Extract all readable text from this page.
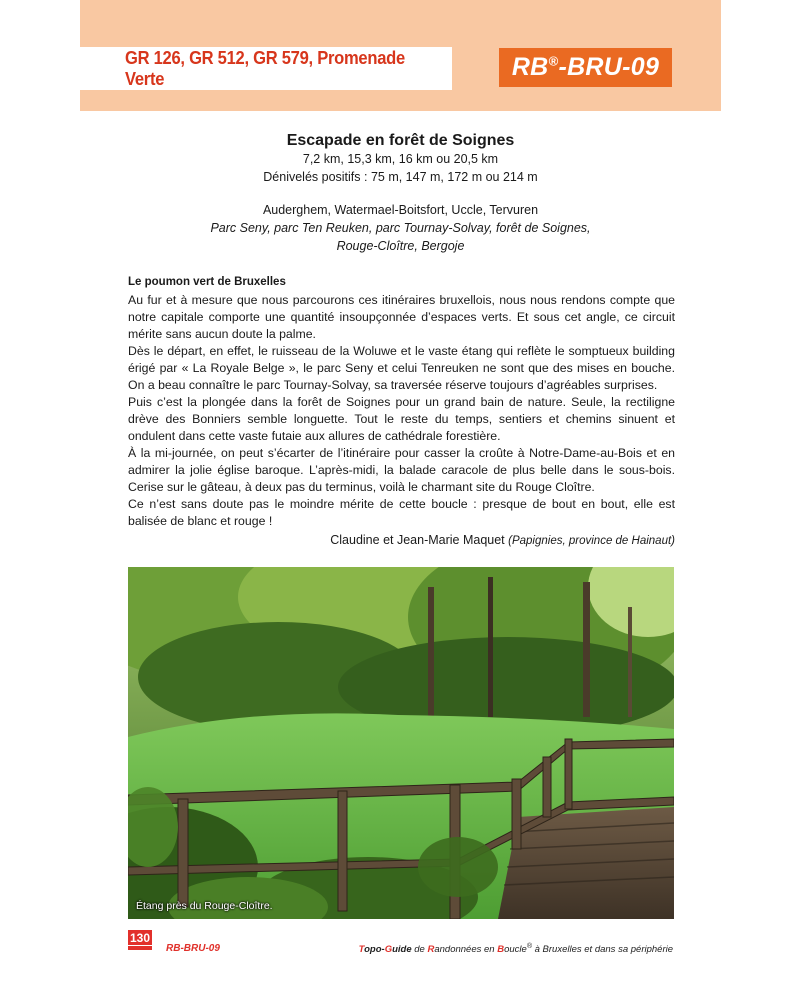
GR 126, GR 512, GR 579, Promenade Verte	RB®-BRU-09
Escapade en forêt de Soignes
7,2 km, 15,3 km, 16 km ou 20,5 km
Dénivelés positifs : 75 m, 147 m, 172 m ou 214 m
Auderghem, Watermael-Boitsfort, Uccle, Tervuren
Parc Seny, parc Ten Reuken, parc Tournay-Solvay, forêt de Soignes,
Rouge-Cloître, Bergoje
Le poumon vert de Bruxelles

Au fur et à mesure que nous parcourons ces itinéraires bruxellois, nous nous rendons compte que notre capitale comporte une quantité insoupçonnée d’espaces verts. Et sous cet angle, ce circuit mérite sans aucun doute la palme.

Dès le départ, en effet, le ruisseau de la Woluwe et le vaste étang qui reflète le somptueux building érigé par « La Royale Belge », le parc Seny et celui Tenreuken ne sont que des mises en bouche. On a beau connaître le parc Tournay-Solvay, sa traversée réserve toujours d’agréables surprises.

Puis c’est la plongée dans la forêt de Soignes pour un grand bain de nature. Seule, la rectiligne drève des Bonniers semble longuette. Tout le reste du temps, sentiers et chemins sinuent et ondulent dans cette vaste futaie aux allures de cathédrale forestière.

À la mi-journée, on peut s’écarter de l’itinéraire pour casser la croûte à Notre-Dame-au-Bois et en admirer la jolie église baroque. L’après-midi, la balade caracole de plus belle dans le sous-bois. Cerise sur le gâteau, à deux pas du terminus, voilà le charmant site du Rouge Cloître.

Ce n’est sans doute pas le moindre mérite de cette boucle : presque de bout en bout, elle est balisée de blanc et rouge !

Claudine et Jean-Marie Maquet (Papignies, province de Hainaut)
Étang près du Rouge-Cloître.
130
RB-BRU-09	Topo-Guide de Randonnées en Boucle® à Bruxelles et dans sa périphérie
